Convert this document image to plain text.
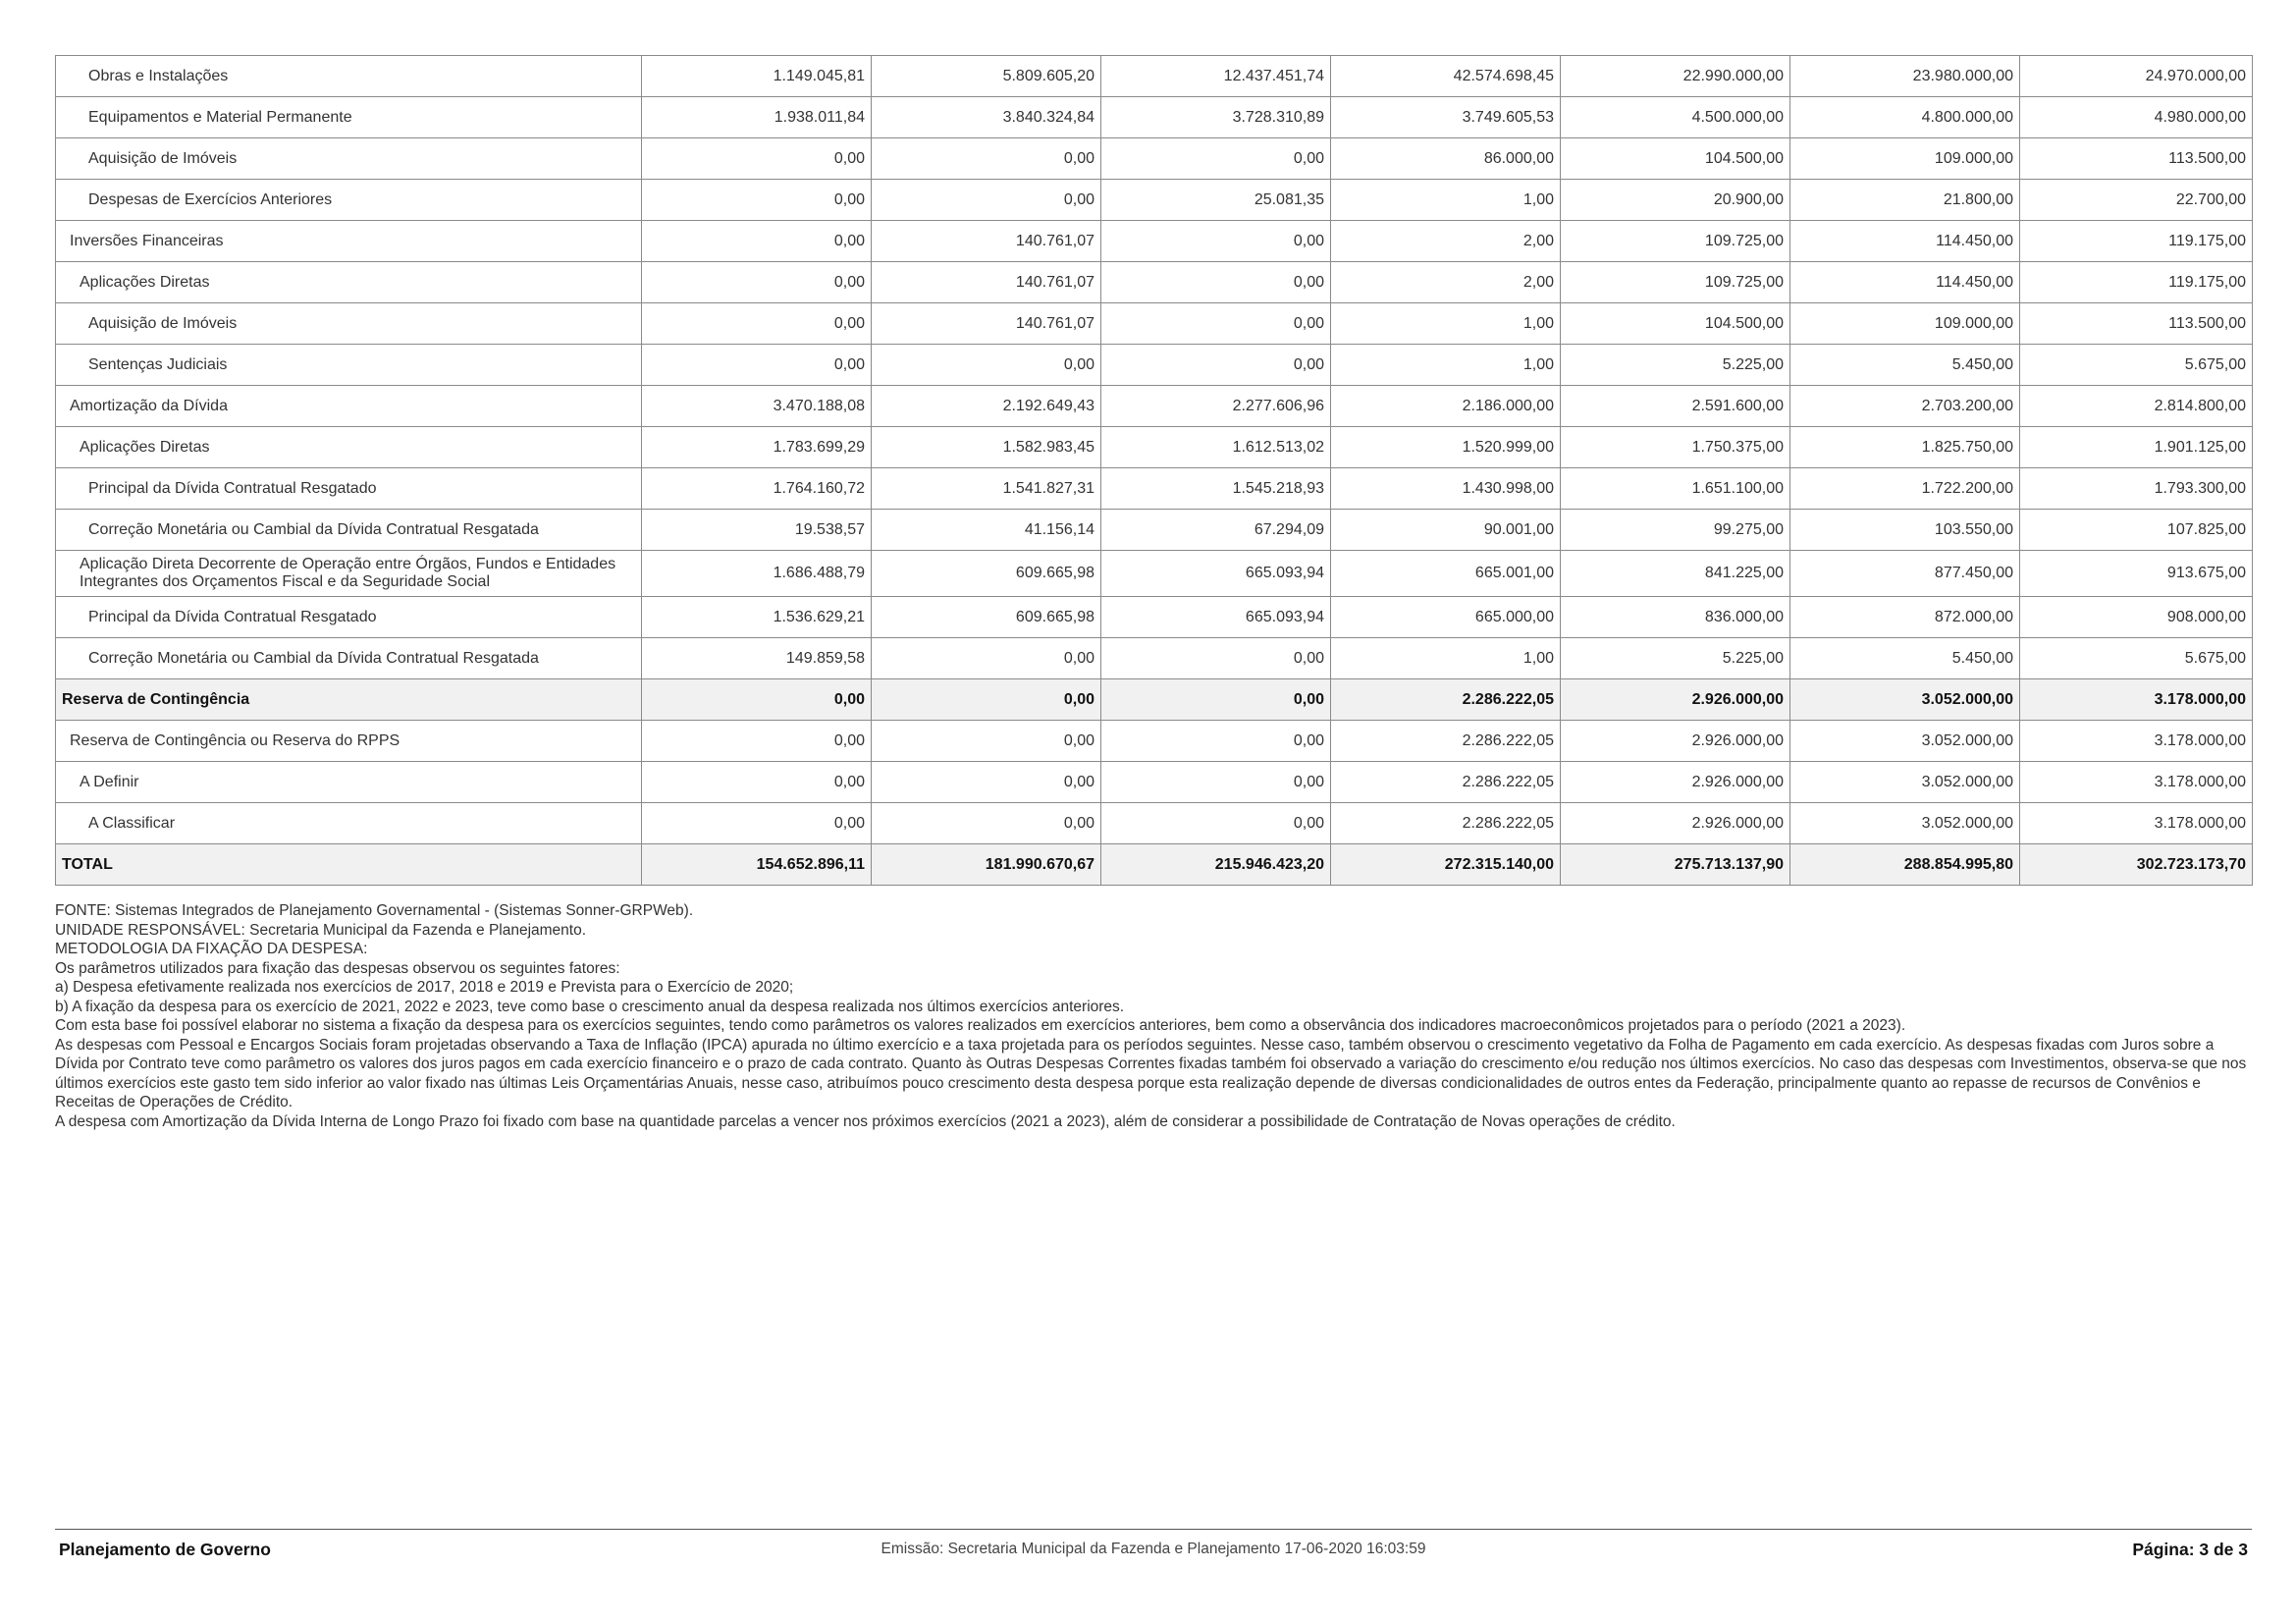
Obras e Instalações	1.149.045,81	5.809.605,20	12.437.451,74	42.574.698,45	22.990.000,00	23.980.000,00	24.970.000,00
Equipamentos e Material Permanente	1.938.011,84	3.840.324,84	3.728.310,89	3.749.605,53	4.500.000,00	4.800.000,00	4.980.000,00
Aquisição de Imóveis	0,00	0,00	0,00	86.000,00	104.500,00	109.000,00	113.500,00
Despesas de Exercícios Anteriores	0,00	0,00	25.081,35	1,00	20.900,00	21.800,00	22.700,00
Inversões Financeiras	0,00	140.761,07	0,00	2,00	109.725,00	114.450,00	119.175,00
Aplicações Diretas	0,00	140.761,07	0,00	2,00	109.725,00	114.450,00	119.175,00
Aquisição de Imóveis	0,00	140.761,07	0,00	1,00	104.500,00	109.000,00	113.500,00
Sentenças Judiciais	0,00	0,00	0,00	1,00	5.225,00	5.450,00	5.675,00
Amortização da Dívida	3.470.188,08	2.192.649,43	2.277.606,96	2.186.000,00	2.591.600,00	2.703.200,00	2.814.800,00
Aplicações Diretas	1.783.699,29	1.582.983,45	1.612.513,02	1.520.999,00	1.750.375,00	1.825.750,00	1.901.125,00
Principal da Dívida Contratual Resgatado	1.764.160,72	1.541.827,31	1.545.218,93	1.430.998,00	1.651.100,00	1.722.200,00	1.793.300,00
Correção Monetária ou Cambial da Dívida Contratual Resgatada	19.538,57	41.156,14	67.294,09	90.001,00	99.275,00	103.550,00	107.825,00
Aplicação Direta Decorrente de Operação entre Órgãos, Fundos e Entidades Integrantes dos Orçamentos Fiscal e da Seguridade Social	1.686.488,79	609.665,98	665.093,94	665.001,00	841.225,00	877.450,00	913.675,00
Principal da Dívida Contratual Resgatado	1.536.629,21	609.665,98	665.093,94	665.000,00	836.000,00	872.000,00	908.000,00
Correção Monetária ou Cambial da Dívida Contratual Resgatada	149.859,58	0,00	0,00	1,00	5.225,00	5.450,00	5.675,00
Reserva de Contingência	0,00	0,00	0,00	2.286.222,05	2.926.000,00	3.052.000,00	3.178.000,00
Reserva de Contingência ou Reserva do RPPS	0,00	0,00	0,00	2.286.222,05	2.926.000,00	3.052.000,00	3.178.000,00
A Definir	0,00	0,00	0,00	2.286.222,05	2.926.000,00	3.052.000,00	3.178.000,00
A Classificar	0,00	0,00	0,00	2.286.222,05	2.926.000,00	3.052.000,00	3.178.000,00
TOTAL	154.652.896,11	181.990.670,67	215.946.423,20	272.315.140,00	275.713.137,90	288.854.995,80	302.723.173,70

FONTE: Sistemas Integrados de Planejamento Governamental - (Sistemas Sonner-GRPWeb).

UNIDADE RESPONSÁVEL: Secretaria Municipal da Fazenda e Planejamento.

METODOLOGIA DA FIXAÇÃO DA DESPESA:

Os parâmetros utilizados para fixação das despesas observou os seguintes fatores:

a) Despesa efetivamente realizada nos exercícios de 2017, 2018 e 2019 e Prevista para o Exercício de 2020;

b) A fixação da despesa para os exercício de 2021, 2022 e 2023, teve como base o crescimento anual da despesa realizada nos últimos exercícios anteriores.

Com esta base foi possível elaborar no sistema a fixação da despesa para os exercícios seguintes, tendo como parâmetros os valores realizados em exercícios anteriores, bem como a observância dos indicadores macroeconômicos projetados para o período (2021 a 2023).

As despesas com Pessoal e Encargos Sociais foram projetadas observando a Taxa de Inflação (IPCA) apurada no último exercício e a taxa projetada para os períodos seguintes. Nesse caso, também observou o crescimento vegetativo da Folha de Pagamento em cada exercício. As despesas fixadas com Juros sobre a Dívida por Contrato teve como parâmetro os valores dos juros pagos em cada exercício financeiro e o prazo de cada contrato. Quanto às Outras Despesas Correntes fixadas também foi observado a variação do crescimento e/ou redução nos últimos exercícios. No caso das despesas com Investimentos, observa-se que nos últimos exercícios este gasto tem sido inferior ao valor fixado nas últimas Leis Orçamentárias Anuais, nesse caso, atribuímos pouco crescimento desta despesa porque esta realização depende de diversas condicionalidades de outros entes da Federação, principalmente quanto ao repasse de recursos de Convênios e Receitas de Operações de Crédito.

A despesa com Amortização da Dívida Interna de Longo Prazo foi fixado com base na quantidade parcelas a vencer nos próximos exercícios (2021 a 2023), além de considerar a possibilidade de Contratação de Novas operações de crédito.

Planejamento de Governo	Emissão: Secretaria Municipal da Fazenda e Planejamento 17-06-2020 16:03:59	Página: 3 de 3
